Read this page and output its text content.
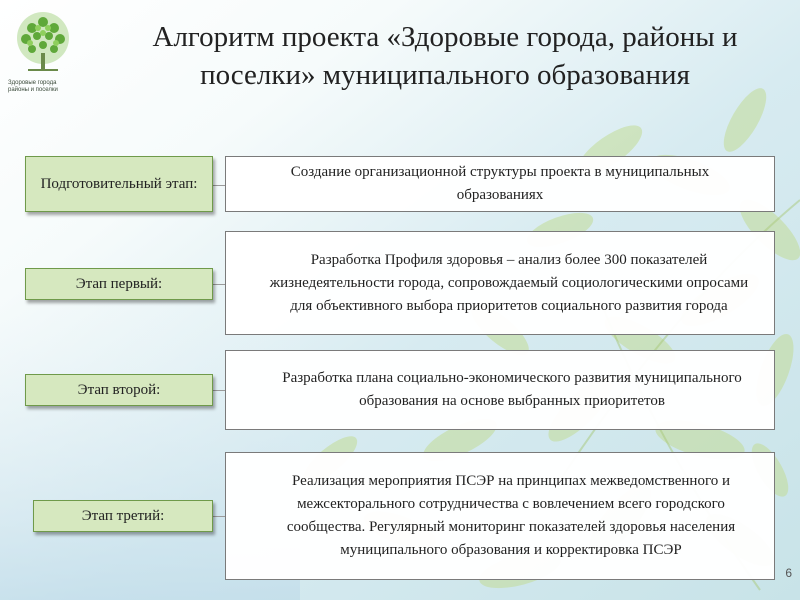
Здоровые города
районы и поселки
Алгоритм проекта «Здоровые города, районы и поселки» муниципального образования
Подготовительный этап:
Этап первый:
Этап второй:
Этап третий:
Создание организационной структуры проекта в муниципальных образованиях
Разработка Профиля здоровья – анализ более 300 показателей жизнедеятельности города, сопровождаемый социологическими опросами для объективного выбора приоритетов социального развития города
Разработка плана социально-экономического развития муниципального образования на основе выбранных приоритетов
Реализация мероприятия ПСЭР на принципах межведомственного и межсекторального сотрудничества с вовлечением всего городского сообщества. Регулярный мониторинг показателей здоровья населения муниципального образования и корректировка ПСЭР
6
